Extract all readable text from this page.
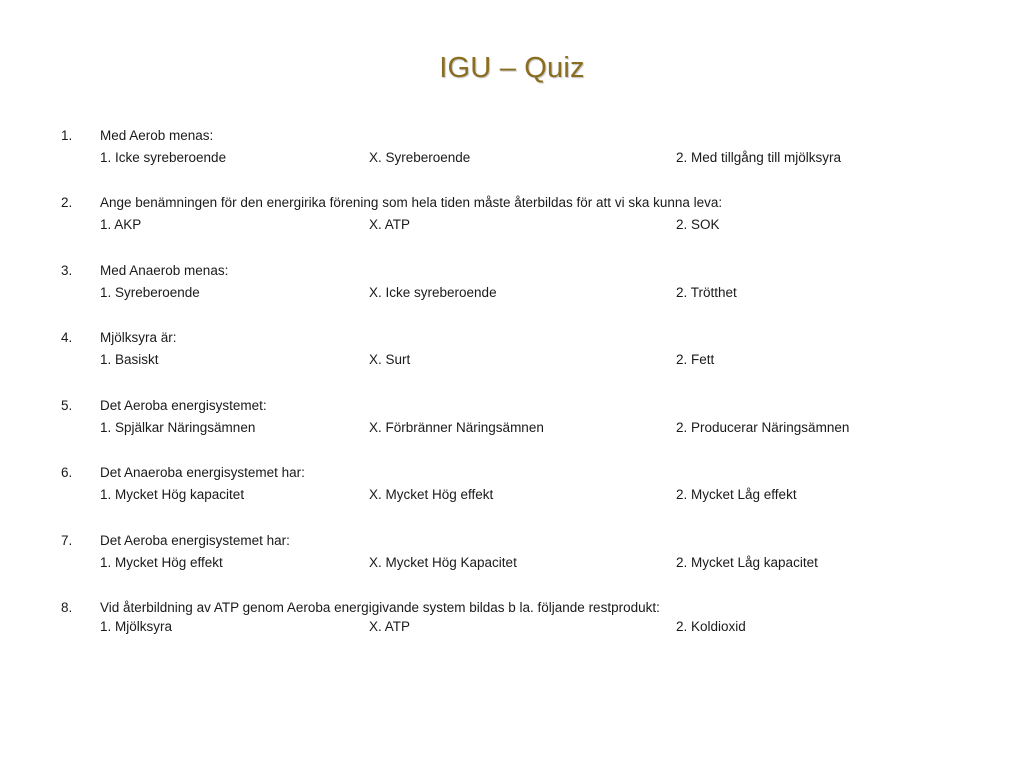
IGU – Quiz
1. Med Aerob menas:
1. Icke syreberoende	X. Syreberoende	2. Med tillgång till mjölksyra
2. Ange benämningen för den energirika förening som hela tiden måste återbildas för att vi ska kunna leva:
1. AKP	X. ATP	2. SOK
3. Med Anaerob menas:
1. Syreberoende	X. Icke syreberoende	2. Trötthet
4. Mjölksyra är:
1. Basiskt	X. Surt	2. Fett
5. Det Aeroba energisystemet:
1. Spjälkar Näringsämnen	X. Förbränner Näringsämnen	2. Producerar Näringsämnen
6. Det Anaeroba energisystemet har:
1. Mycket Hög kapacitet	X. Mycket Hög effekt	2. Mycket Låg effekt
7. Det Aeroba energisystemet har:
1. Mycket Hög effekt	X. Mycket Hög Kapacitet	2. Mycket Låg kapacitet
8. Vid återbildning av ATP genom Aeroba energigivande system bildas b la. följande restprodukt:
1. Mjölksyra	X. ATP	2. Koldioxid
